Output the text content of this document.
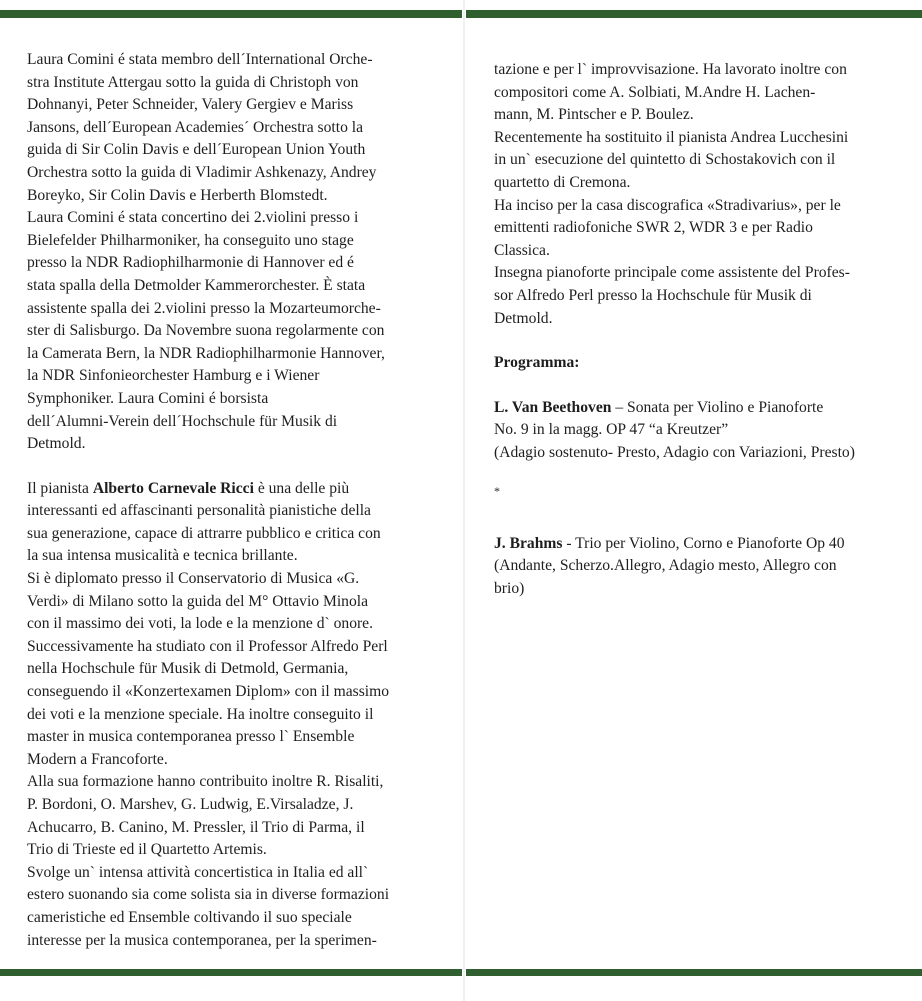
Laura Comini é stata membro dell´International Orche-

stra Institute Attergau sotto la guida di Christoph von

Dohnanyi, Peter Schneider, Valery Gergiev e Mariss

Jansons, dell´European Academies´ Orchestra sotto la

guida di Sir Colin Davis e dell´European Union Youth

Orchestra sotto la guida di Vladimir Ashkenazy, Andrey

Boreyko, Sir Colin Davis e Herberth Blomstedt.

Laura Comini é stata concertino dei 2.violini presso i

Bielefelder Philharmoniker, ha conseguito uno stage

presso la NDR Radiophilharmonie di Hannover ed é

stata spalla della Detmolder Kammerorchester. È stata

assistente spalla dei 2.violini presso la Mozarteumorche-

ster di Salisburgo. Da Novembre suona regolarmente con

la Camerata Bern, la NDR Radiophilharmonie Hannover,

la NDR Sinfonieorchester Hamburg e i Wiener

Symphoniker. Laura Comini é borsista

dell´Alumni-Verein dell´Hochschule für Musik di

Detmold.

Il pianista Alberto Carnevale Ricci è una delle più

interessanti ed affascinanti personalità pianistiche della

sua generazione, capace di attrarre pubblico e critica con

la sua intensa musicalità e tecnica brillante.

Si è diplomato presso il Conservatorio di Musica «G.

Verdi» di Milano sotto la guida del M° Ottavio Minola

con il massimo dei voti, la lode e la menzione d` onore.

Successivamente ha studiato con il Professor Alfredo Perl

nella Hochschule für Musik di Detmold, Germania,

conseguendo il «Konzertexamen Diplom» con il massimo

dei voti e la menzione speciale. Ha inoltre conseguito il

master in musica contemporanea presso l` Ensemble

Modern a Francoforte.

Alla sua formazione hanno contribuito inoltre R. Risaliti,

P. Bordoni, O. Marshev, G. Ludwig, E.Virsaladze, J.

Achucarro, B. Canino, M. Pressler, il Trio di Parma, il

Trio di Trieste ed il Quartetto Artemis.

Svolge un` intensa attività concertistica in Italia ed all`

estero suonando sia come solista sia in diverse formazioni

cameristiche ed Ensemble coltivando il suo speciale

interesse per la musica contemporanea, per la sperimen-

tazione e per l` improvvisazione. Ha lavorato inoltre con

compositori come A. Solbiati, M.Andre H. Lachen-

mann, M. Pintscher e P. Boulez.

Recentemente ha sostituito il pianista Andrea Lucchesini

in un` esecuzione del quintetto di Schostakovich con il

quartetto di Cremona.

Ha inciso per la casa discografica «Stradivarius», per le

emittenti radiofoniche SWR 2, WDR 3 e per Radio

Classica.

Insegna pianoforte principale come assistente del Profes-

sor Alfredo Perl presso la Hochschule für Musik di

Detmold.

Programma:

L. Van Beethoven – Sonata per Violino e Pianoforte

No. 9 in la magg. OP 47 “a Kreutzer”

(Adagio sostenuto- Presto, Adagio con Variazioni, Presto)

*

J. Brahms - Trio per Violino, Corno e Pianoforte Op 40

(Andante, Scherzo.Allegro, Adagio mesto, Allegro con

brio)
